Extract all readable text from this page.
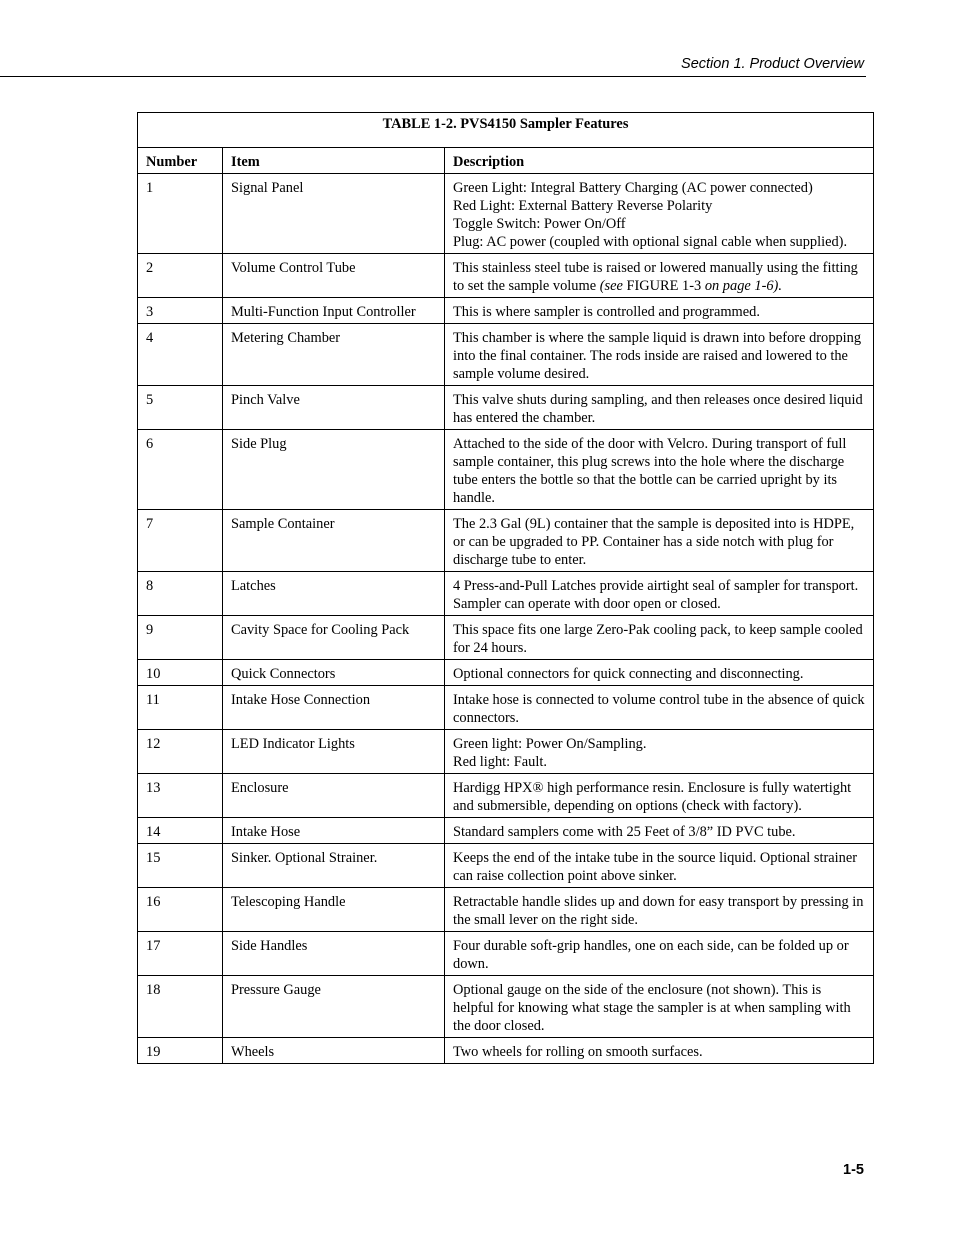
Section 1. Product Overview
TABLE 1-2. PVS4150 Sampler Features		
Number	Item	Description
1	Signal Panel	Green Light: Integral Battery Charging (AC power connected)
Red Light: External Battery Reverse Polarity
Toggle Switch: Power On/Off
Plug: AC power (coupled with optional signal cable when supplied).

2	Volume Control Tube	This stainless steel tube is raised or lowered manually using the fitting to set the sample volume (see FIGURE 1-3 on page 1-6).
3	Multi-Function Input Controller	This is where sampler is controlled and programmed.
4	Metering Chamber	This chamber is where the sample liquid is drawn into before dropping into the final container. The rods inside are raised and lowered to the sample volume desired.
5	Pinch Valve	This valve shuts during sampling, and then releases once desired liquid has entered the chamber.
6	Side Plug	Attached to the side of the door with Velcro. During transport of full sample container, this plug screws into the hole where the discharge tube enters the bottle so that the bottle can be carried upright by its handle.
7	Sample Container	The 2.3 Gal (9L) container that the sample is deposited into is HDPE, or can be upgraded to PP. Container has a side notch with plug for discharge tube to enter.
8	Latches	4 Press-and-Pull Latches provide airtight seal of sampler for transport. Sampler can operate with door open or closed.
9	Cavity Space for Cooling Pack	This space fits one large Zero-Pak cooling pack, to keep sample cooled for 24 hours.
10	Quick Connectors	Optional connectors for quick connecting and disconnecting.
11	Intake Hose Connection	Intake hose is connected to volume control tube in the absence of quick connectors.
12	LED Indicator Lights	Green light: Power On/Sampling.
Red light: Fault.

13	Enclosure	Hardigg HPX® high performance resin. Enclosure is fully watertight and submersible, depending on options (check with factory).
14	Intake Hose	Standard samplers come with 25 Feet of 3/8” ID PVC tube.
15	Sinker. Optional Strainer.	Keeps the end of the intake tube in the source liquid. Optional strainer can raise collection point above sinker.
16	Telescoping Handle	Retractable handle slides up and down for easy transport by pressing in the small lever on the right side.
17	Side Handles	Four durable soft-grip handles, one on each side, can be folded up or down.
18	Pressure Gauge	Optional gauge on the side of the enclosure (not shown). This is helpful for knowing what stage the sampler is at when sampling with the door closed.
19	Wheels	Two wheels for rolling on smooth surfaces.
1-5
